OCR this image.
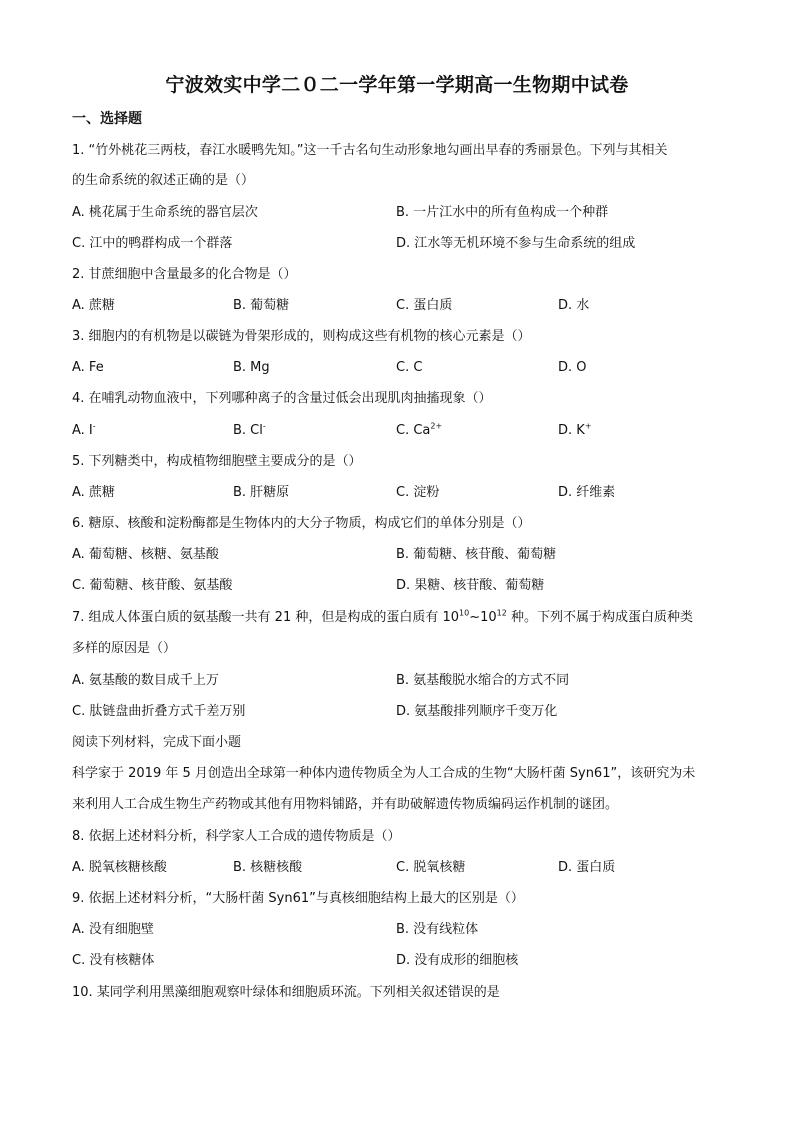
宁波效实中学二０二一学年第一学期高一生物期中试卷
一、选择题
1. “竹外桃花三两枝，春江水暖鸭先知。”这一千古名句生动形象地勾画出早春的秀丽景色。下列与其相关
的生命系统的叙述正确的是（）
A. 桃花属于生命系统的器官层次	B. 一片江水中的所有鱼构成一个种群
C. 江中的鸭群构成一个群落	D. 江水等无机环境不参与生命系统的组成
2. 甘蔗细胞中含量最多的化合物是（）
A. 蔗糖	B. 葡萄糖	C. 蛋白质	D. 水
3. 细胞内的有机物是以碳链为骨架形成的，则构成这些有机物的核心元素是（）
A. Fe	B. Mg	C. C	D. O
4. 在哺乳动物血液中，下列哪种离子的含量过低会出现肌肉抽搐现象（）
A. I-	B. Cl-	C. $Ca^{2+}$	D. K+
5. 下列糖类中，构成植物细胞壁主要成分的是（）
A. 蔗糖	B. 肝糖原	C. 淀粉	D. 纤维素
6. 糖原、核酸和淀粉酶都是生物体内的大分子物质，构成它们的单体分别是（）
A. 葡萄糖、核糖、氨基酸	B. 葡萄糖、核苷酸、葡萄糖
C. 葡萄糖、核苷酸、氨基酸	D. 果糖、核苷酸、葡萄糖
7. 组成人体蛋白质的氨基酸一共有 21 种，但是构成的蛋白质有 $10^{10}\sim 10^{12}$ 种。下列不属于构成蛋白质种类
多样的原因是（）
A. 氨基酸的数目成千上万	B. 氨基酸脱水缩合的方式不同
C. 肽链盘曲折叠方式千差万别	D. 氨基酸排列顺序千变万化
阅读下列材料，完成下面小题
科学家于 2019 年 5 月创造出全球第一种体内遗传物质全为人工合成的生物“大肠杆菌 Syn61”，该研究为未
来利用人工合成生物生产药物或其他有用物料铺路，并有助破解遗传物质编码运作机制的谜团。
8. 依据上述材料分析，科学家人工合成的遗传物质是（）
A. 脱氧核糖核酸	B. 核糖核酸	C. 脱氧核糖	D. 蛋白质
9. 依据上述材料分析，“大肠杆菌 Syn61”与真核细胞结构上最大的区别是（）
A. 没有细胞壁	B. 没有线粒体
C. 没有核糖体	D. 没有成形的细胞核
10. 某同学利用黑藻细胞观察叶绿体和细胞质环流。下列相关叙述错误的是
